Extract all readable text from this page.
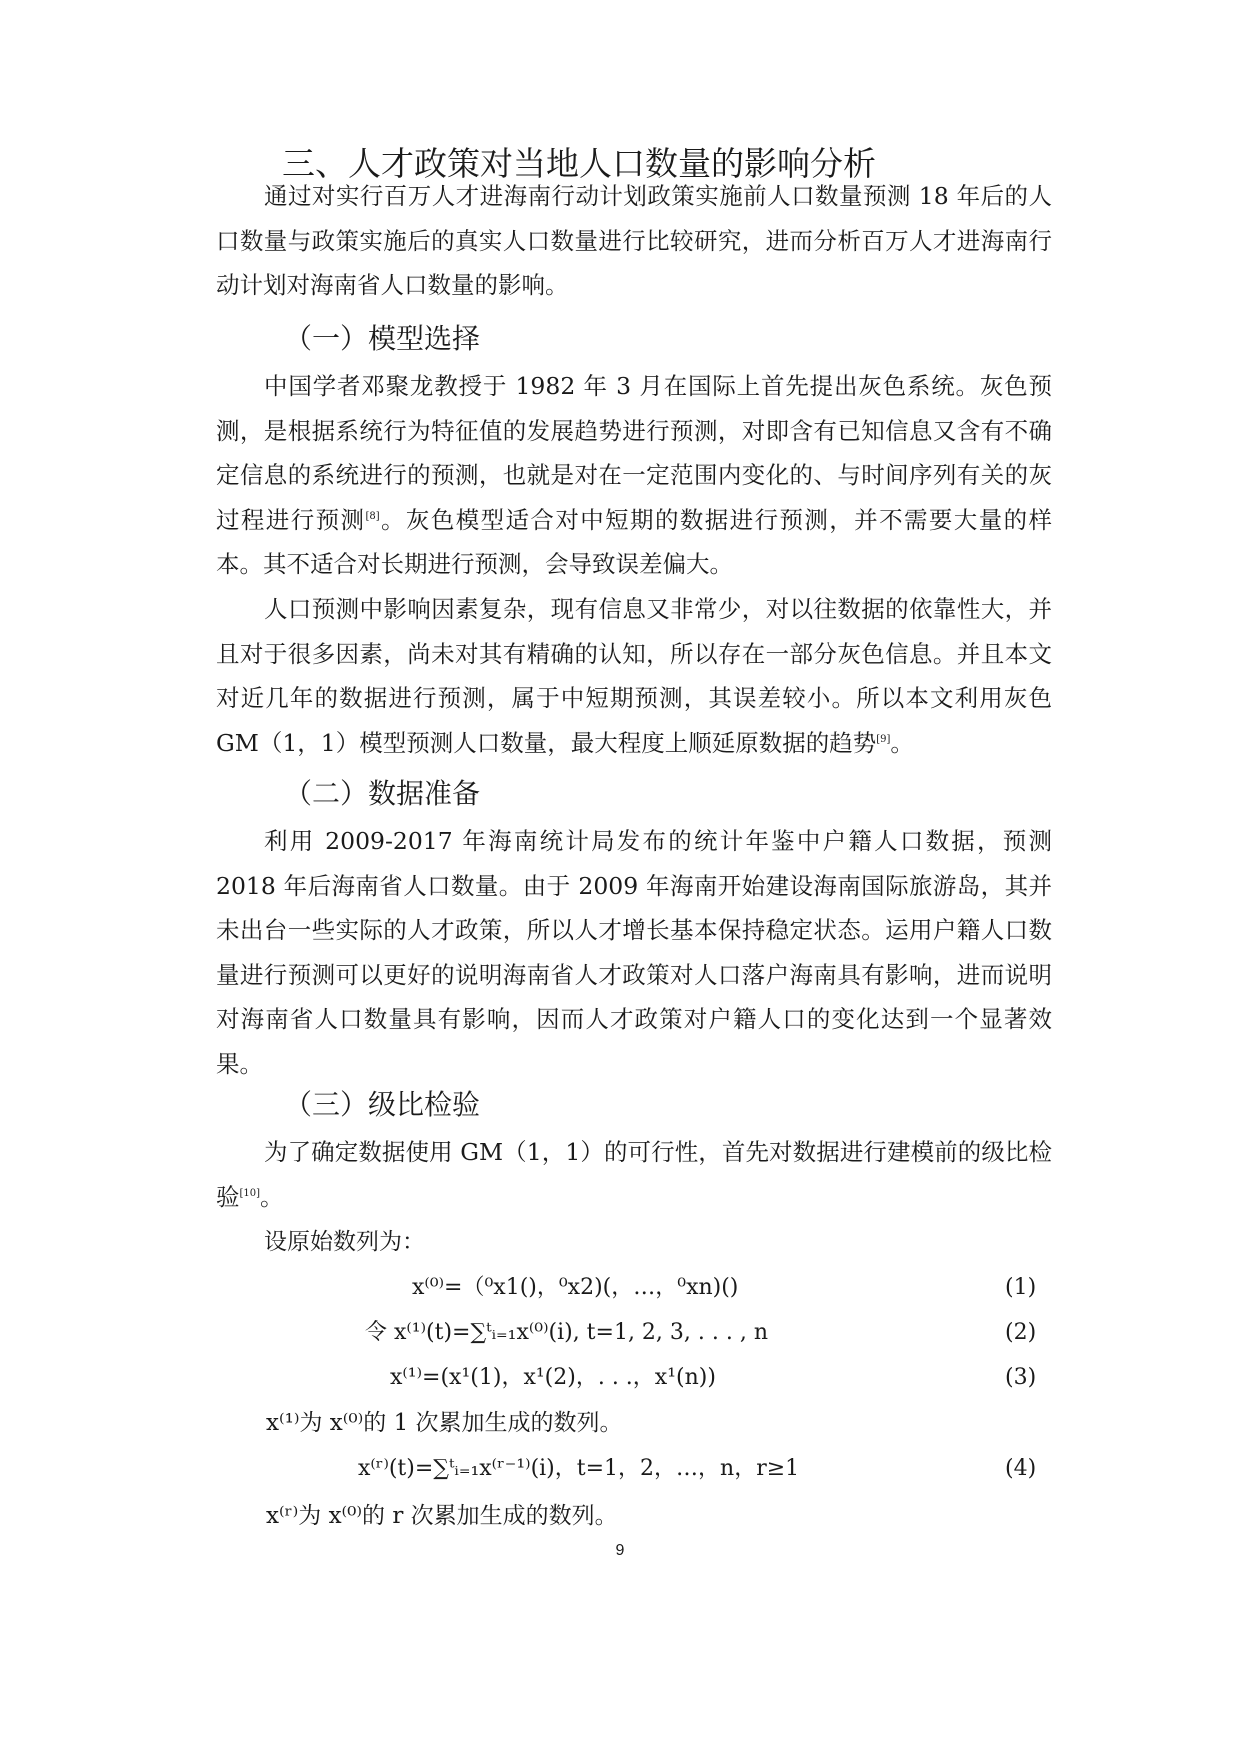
三、人才政策对当地人口数量的影响分析
通过对实行百万人才进海南行动计划政策实施前人口数量预测 18 年后的人口数量与政策实施后的真实人口数量进行比较研究，进而分析百万人才进海南行动计划对海南省人口数量的影响。
（一）模型选择
中国学者邓聚龙教授于 1982 年 3 月在国际上首先提出灰色系统。灰色预测，是根据系统行为特征值的发展趋势进行预测，对即含有已知信息又含有不确定信息的系统进行的预测，也就是对在一定范围内变化的、与时间序列有关的灰过程进行预测[8]。灰色模型适合对中短期的数据进行预测，并不需要大量的样本。其不适合对长期进行预测，会导致误差偏大。
人口预测中影响因素复杂，现有信息又非常少，对以往数据的依靠性大，并且对于很多因素，尚未对其有精确的认知，所以存在一部分灰色信息。并且本文对近几年的数据进行预测，属于中短期预测，其误差较小。所以本文利用灰色 GM（1，1）模型预测人口数量，最大程度上顺延原数据的趋势[9]。
（二）数据准备
利用 2009-2017 年海南统计局发布的统计年鉴中户籍人口数据，预测 2018 年后海南省人口数量。由于 2009 年海南开始建设海南国际旅游岛，其并未出台一些实际的人才政策，所以人才增长基本保持稳定状态。运用户籍人口数量进行预测可以更好的说明海南省人才政策对人口落户海南具有影响，进而说明对海南省人口数量具有影响，因而人才政策对户籍人口的变化达到一个显著效果。
（三）级比检验
为了确定数据使用 GM（1，1）的可行性，首先对数据进行建模前的级比检验[10]。
设原始数列为：
x⁽⁰⁾=（⁰x1()，⁰x2)(，…，⁰xn)()	(1)
令 x⁽¹⁾(t)=∑ᵗᵢ₌₁x⁽⁰⁾(i), t=1, 2, 3, . . . , n	(2)
x⁽¹⁾=(x¹(1)，x¹(2)，. . .，x¹(n))	(3)
x⁽¹⁾为 x⁽⁰⁾的 1 次累加生成的数列。
x⁽ʳ⁾(t)=∑ᵗᵢ₌₁x⁽ʳ⁻¹⁾(i)，t=1，2，…，n，r≥1	(4)
x⁽ʳ⁾为 x⁽⁰⁾的 r 次累加生成的数列。
9
